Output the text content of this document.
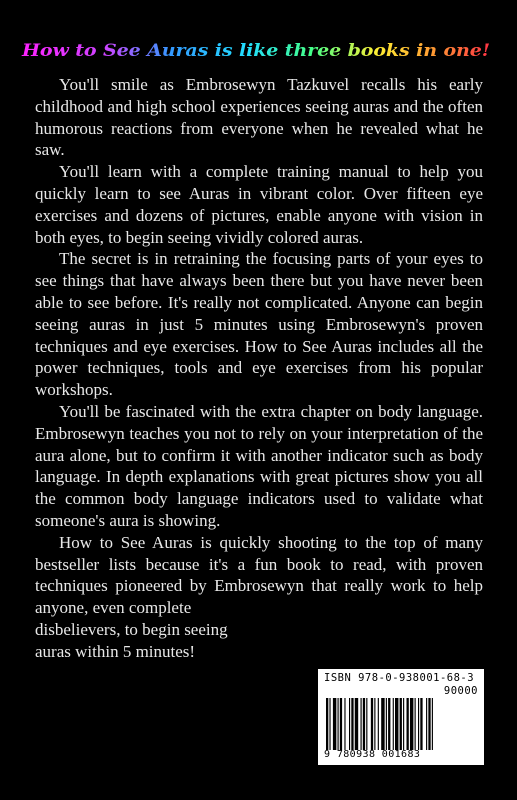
How to See Auras is like three books in one!

You'll smile as Embrosewyn Tazkuvel recalls his early childhood and high school experiences seeing auras and the often humorous reactions from everyone when he revealed what he saw.

You'll learn with a complete training manual to help you quickly learn to see Auras in vibrant color. Over fifteen eye exercises and dozens of pictures, enable anyone with vision in both eyes, to begin seeing vividly colored auras.

The secret is in retraining the focusing parts of your eyes to see things that have always been there but you have never been able to see before. It's really not complicated. Anyone can begin seeing auras in just 5 minutes using Embrosewyn's proven techniques and eye exercises. How to See Auras includes all the power techniques, tools and eye exercises from his popular workshops.

You'll be fascinated with the extra chapter on body language. Embrosewyn teaches you not to rely on your interpretation of the aura alone, but to confirm it with another indicator such as body language. In depth explanations with great pictures show you all the common body language indicators used to validate what someone's aura is showing.

How to See Auras is quickly shooting to the top of many bestseller lists because it's a fun book to read, with proven techniques pioneered by Embrosewyn that really work to help anyone, even complete

disbelievers, to begin seeing
auras within 5 minutes!
ISBN 978-0-938001-68-3
90000
9 780938 001683
